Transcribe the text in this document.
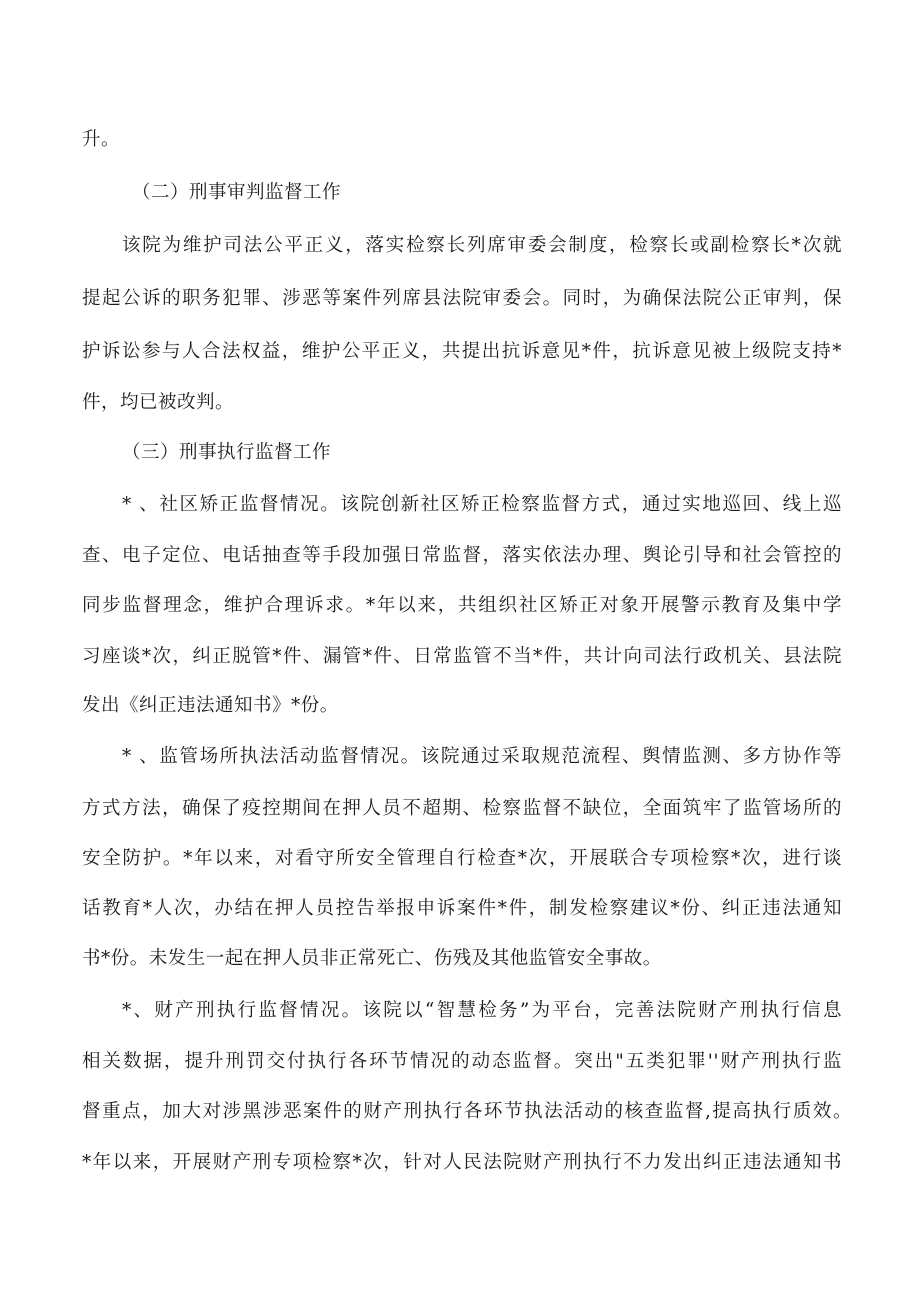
升。
（二）刑事审判监督工作
该院为维护司法公平正义，落实检察长列席审委会制度，检察长或副检察长*次就
提起公诉的职务犯罪、涉恶等案件列席县法院审委会。同时，为确保法院公正审判，保
护诉讼参与人合法权益，维护公平正义，共提出抗诉意见*件，抗诉意见被上级院支持*
件，均已被改判。
（三）刑事执行监督工作
* 、社区矫正监督情况。该院创新社区矫正检察监督方式，通过实地巡回、线上巡
查、电子定位、电话抽查等手段加强日常监督，落实依法办理、舆论引导和社会管控的
同步监督理念，维护合理诉求。*年以来，共组织社区矫正对象开展警示教育及集中学
习座谈*次，纠正脱管*件、漏管*件、日常监管不当*件，共计向司法行政机关、县法院
发出《纠正违法通知书》*份。
* 、监管场所执法活动监督情况。该院通过采取规范流程、舆情监测、多方协作等
方式方法，确保了疫控期间在押人员不超期、检察监督不缺位，全面筑牢了监管场所的
安全防护。*年以来，对看守所安全管理自行检查*次，开展联合专项检察*次，进行谈
话教育*人次，办结在押人员控告举报申诉案件*件，制发检察建议*份、纠正违法通知
书*份。未发生一起在押人员非正常死亡、伤残及其他监管安全事故。
*、财产刑执行监督情况。该院以“智慧检务”为平台，完善法院财产刑执行信息
相关数据，提升刑罚交付执行各环节情况的动态监督。突出"五类犯罪''财产刑执行监
督重点，加大对涉黑涉恶案件的财产刑执行各环节执法活动的核查监督,提高执行质效。
*年以来，开展财产刑专项检察*次，针对人民法院财产刑执行不力发出纠正违法通知书
